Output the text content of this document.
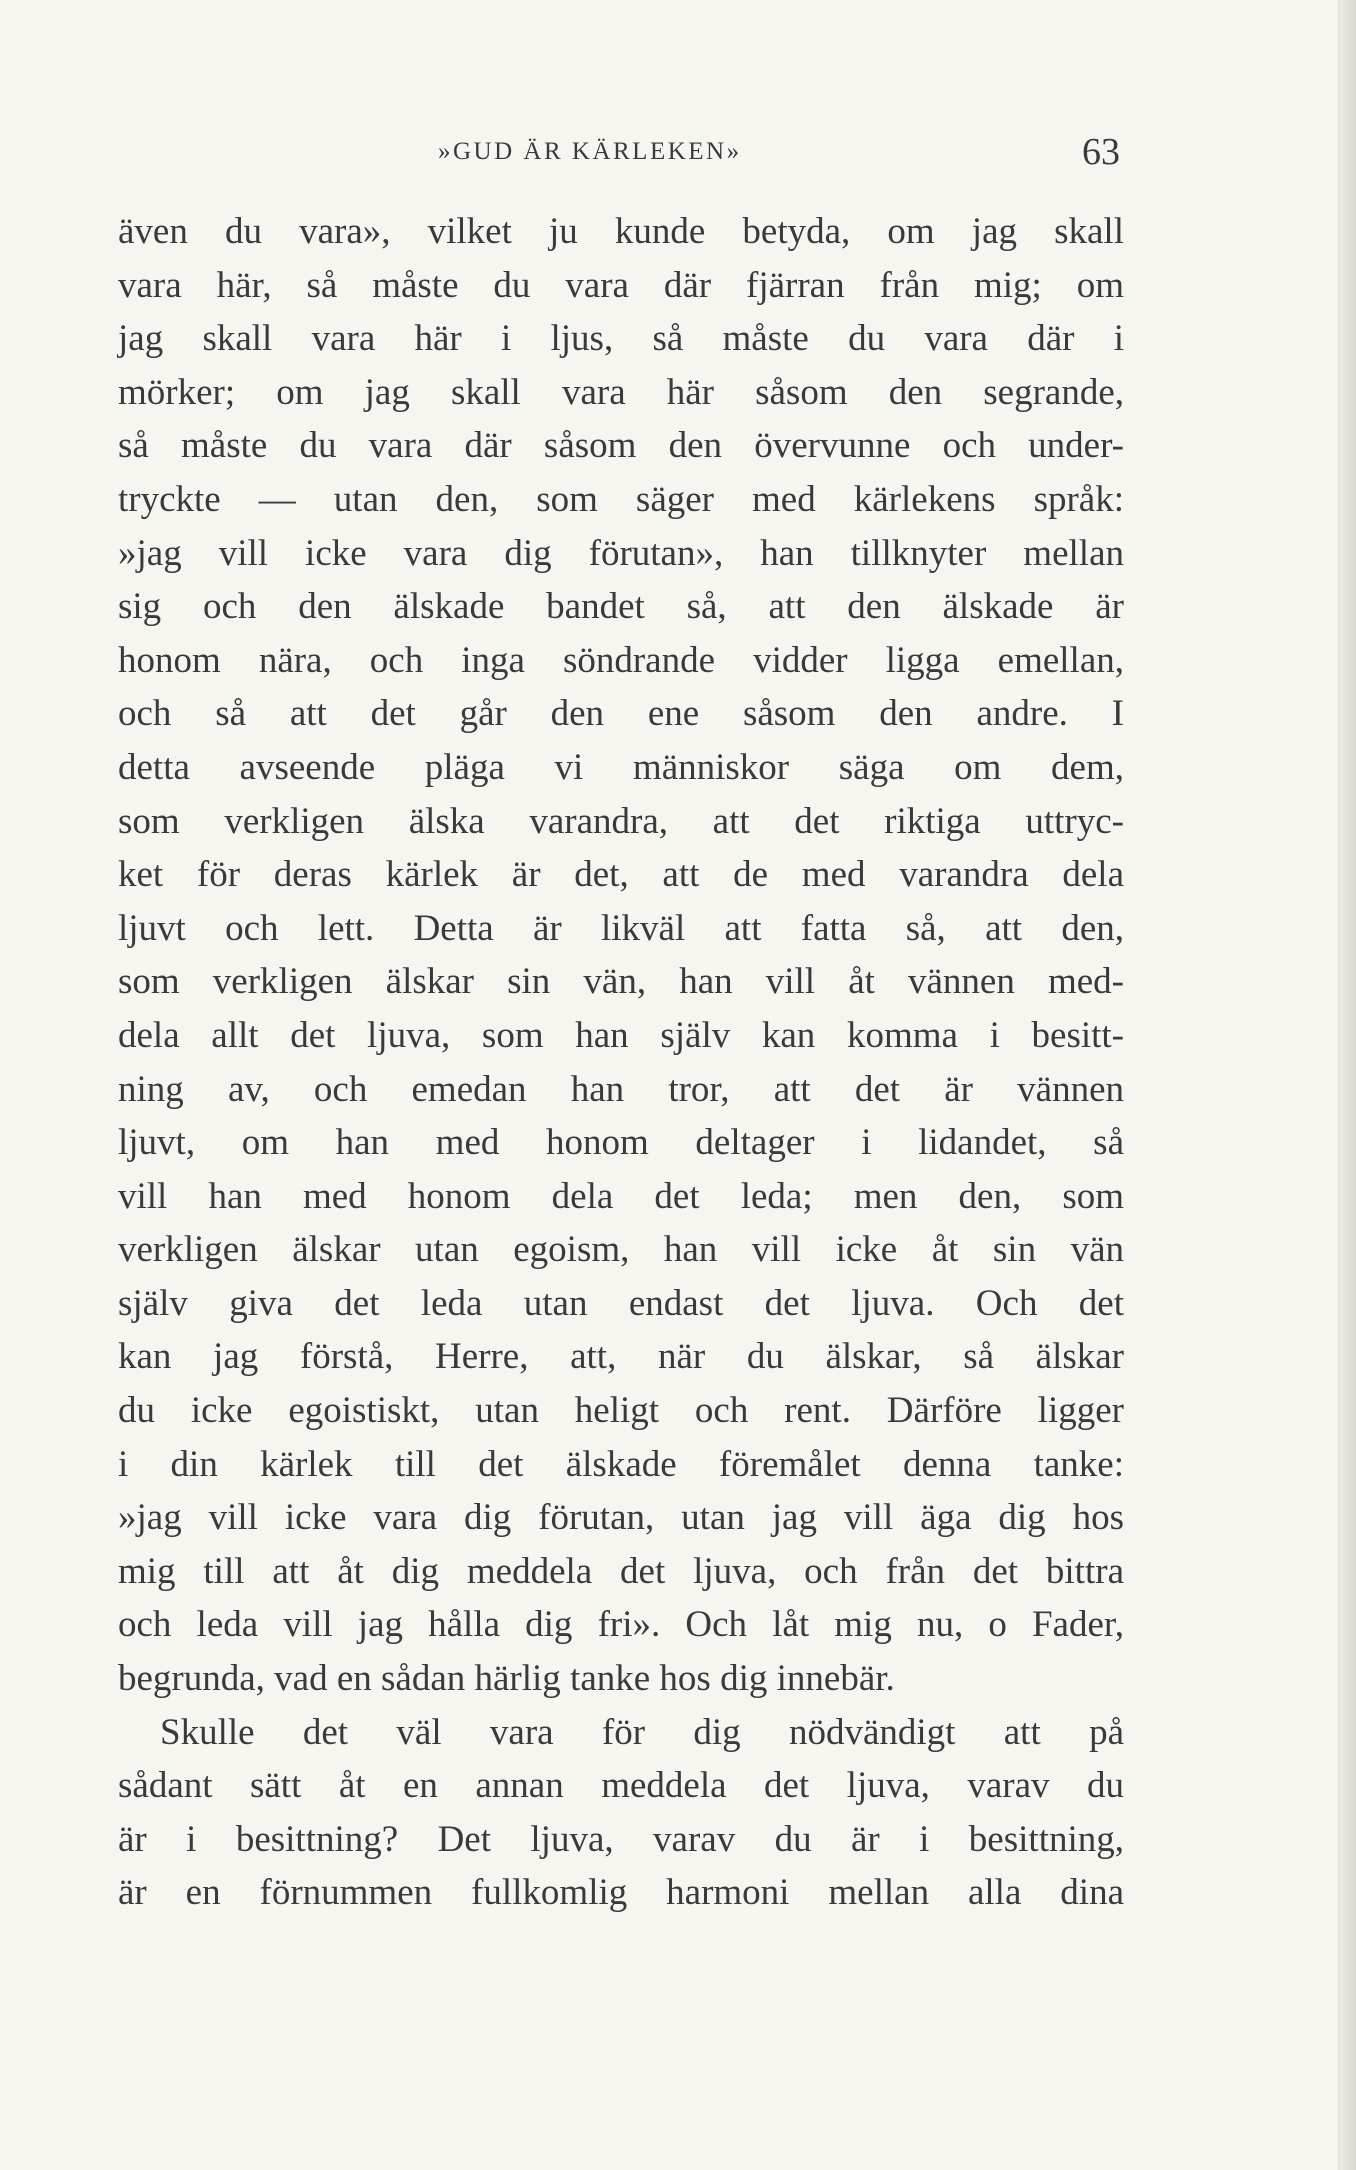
»GUD ÄR KÄRLEKEN»	63
även du vara», vilket ju kunde betyda, om jag skall
vara här, så måste du vara där fjärran från mig; om
jag skall vara här i ljus, så måste du vara där i
mörker; om jag skall vara här såsom den segrande,
så måste du vara där såsom den övervunne och under-
tryckte — utan den, som säger med kärlekens språk:
»jag vill icke vara dig förutan», han tillknyter mellan
sig och den älskade bandet så, att den älskade är
honom nära, och inga söndrande vidder ligga emellan,
och så att det går den ene såsom den andre. I
detta avseende pläga vi människor säga om dem,
som verkligen älska varandra, att det riktiga uttryc-
ket för deras kärlek är det, att de med varandra dela
ljuvt och lett. Detta är likväl att fatta så, att den,
som verkligen älskar sin vän, han vill åt vännen med-
dela allt det ljuva, som han själv kan komma i besitt-
ning av, och emedan han tror, att det är vännen
ljuvt, om han med honom deltager i lidandet, så
vill han med honom dela det leda; men den, som
verkligen älskar utan egoism, han vill icke åt sin vän
själv giva det leda utan endast det ljuva. Och det
kan jag förstå, Herre, att, när du älskar, så älskar
du icke egoistiskt, utan heligt och rent. Därföre ligger
i din kärlek till det älskade föremålet denna tanke:
»jag vill icke vara dig förutan, utan jag vill äga dig hos
mig till att åt dig meddela det ljuva, och från det bittra
och leda vill jag hålla dig fri». Och låt mig nu, o Fader,
begrunda, vad en sådan härlig tanke hos dig innebär.
Skulle det väl vara för dig nödvändigt att på
sådant sätt åt en annan meddela det ljuva, varav du
är i besittning? Det ljuva, varav du är i besittning,
är en förnummen fullkomlig harmoni mellan alla dina
